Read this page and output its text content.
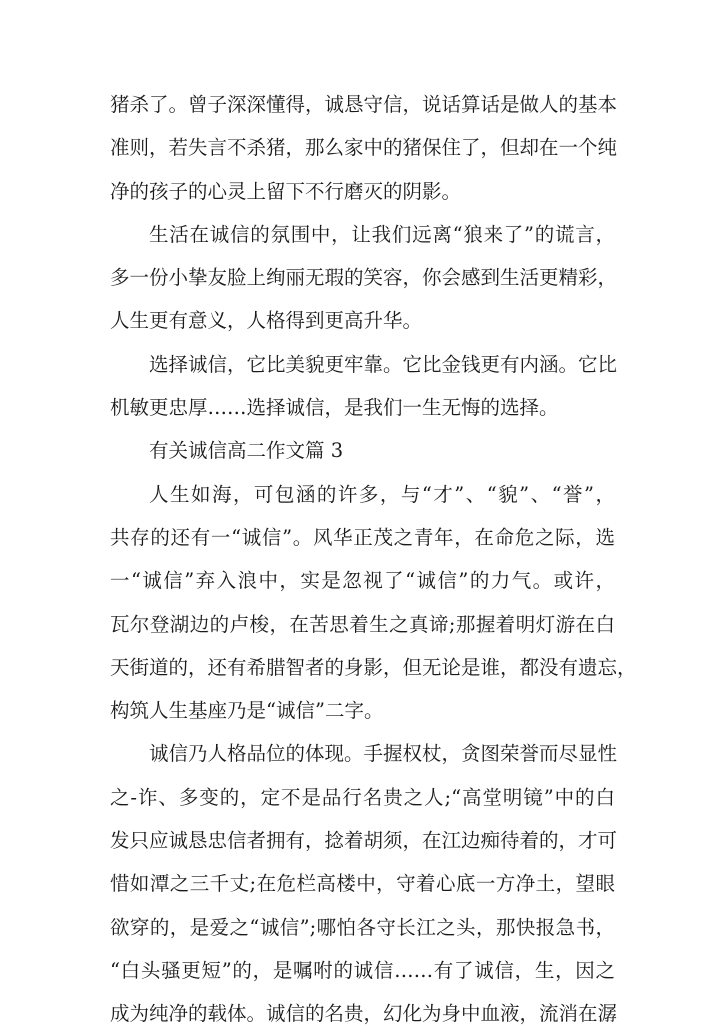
猪杀了。曾子深深懂得，诚恳守信，说话算话是做人的基本
准则，若失言不杀猪，那么家中的猪保住了，但却在一个纯
净的孩子的心灵上留下不行磨灭的阴影。
生活在诚信的氛围中，让我们远离“狼来了”的谎言，
多一份小挚友脸上绚丽无瑕的笑容，你会感到生活更精彩，
人生更有意义，人格得到更高升华。
选择诚信，它比美貌更牢靠。它比金钱更有内涵。它比
机敏更忠厚……选择诚信，是我们一生无悔的选择。
有关诚信高二作文篇 3
人生如海，可包涵的许多，与“才”、“貌”、“誉”，
共存的还有一“诚信”。风华正茂之青年，在命危之际，选
一“诚信”弃入浪中，实是忽视了“诚信”的力气。或许，
瓦尔登湖边的卢梭，在苦思着生之真谛;那握着明灯游在白
天街道的，还有希腊智者的身影，但无论是谁，都没有遗忘，
构筑人生基座乃是“诚信”二字。
诚信乃人格品位的体现。手握权杖，贪图荣誉而尽显性
之-诈、多变的，定不是品行名贵之人;“高堂明镜”中的白
发只应诚恳忠信者拥有，捻着胡须，在江边痴待着的，才可
惜如潭之三千丈;在危栏高楼中，守着心底一方净土，望眼
欲穿的，是爱之“诚信”;哪怕各守长江之头，那快报急书，
“白头骚更短”的，是嘱咐的诚信……有了诚信，生，因之
成为纯净的载体。诚信的名贵，幻化为身中血液，流消在潺
